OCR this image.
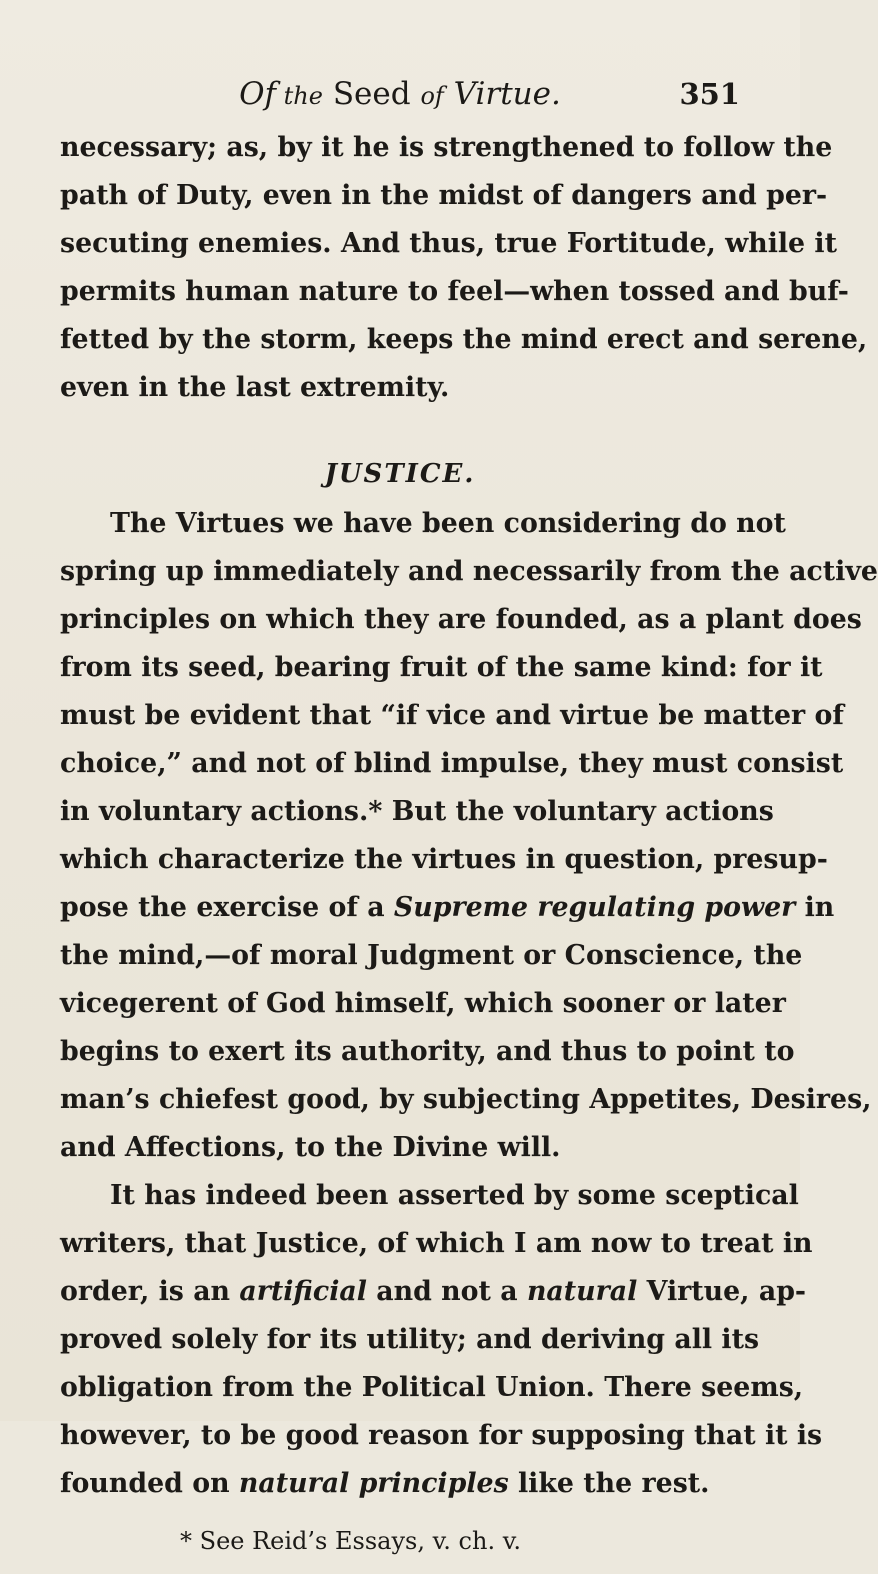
Of the Seed of Virtue.	351
necessary; as, by it he is strengthened to follow the
path of Duty, even in the midst of dangers and per-
secuting enemies. And thus, true Fortitude, while it
permits human nature to feel—when tossed and buf-
fetted by the storm, keeps the mind erect and serene,
even in the last extremity.
JUSTICE.
The Virtues we have been considering do not
spring up immediately and necessarily from the active
principles on which they are founded, as a plant does
from its seed, bearing fruit of the same kind: for it
must be evident that “if vice and virtue be matter of
choice,” and not of blind impulse, they must consist
in voluntary actions.* But the voluntary actions
which characterize the virtues in question, presup-
pose the exercise of a Supreme regulating power in
the mind,—of moral Judgment or Conscience, the
vicegerent of God himself, which sooner or later
begins to exert its authority, and thus to point to
man’s chiefest good, by subjecting Appetites, Desires,
and Affections, to the Divine will.
It has indeed been asserted by some sceptical
writers, that Justice, of which I am now to treat in
order, is an artificial and not a natural Virtue, ap-
proved solely for its utility; and deriving all its
obligation from the Political Union. There seems,
however, to be good reason for supposing that it is
founded on natural principles like the rest.
* See Reid’s Essays, v. ch. v.
